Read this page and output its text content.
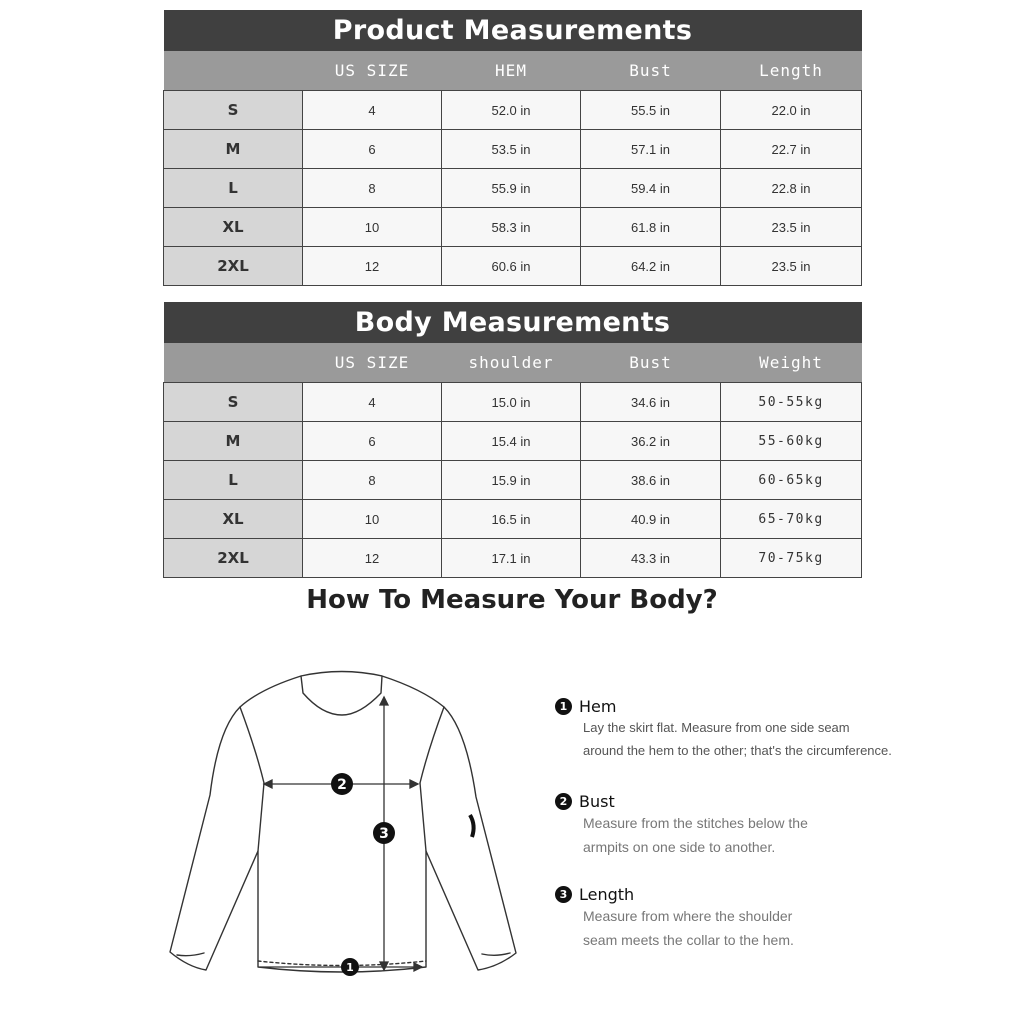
Product Measurements				
	US SIZE	HEM	Bust	Length
S	4	52.0 in	55.5 in	22.0 in
M	6	53.5 in	57.1 in	22.7 in
L	8	55.9 in	59.4 in	22.8 in
XL	10	58.3 in	61.8 in	23.5 in
2XL	12	60.6 in	64.2 in	23.5 in
Body Measurements				
	US SIZE	shoulder	Bust	Weight
S	4	15.0 in	34.6 in	50-55kg
M	6	15.4 in	36.2 in	55-60kg
L	8	15.9 in	38.6 in	60-65kg
XL	10	16.5 in	40.9 in	65-70kg
2XL	12	17.1 in	43.3 in	70-75kg
How To Measure Your Body?
2
3
1
1 Hem
Lay the skirt flat. Measure from one side seam
around the hem to the other; that's the circumference.
2 Bust
Measure from the stitches below the
armpits on one side to another.
3 Length
Measure from where the shoulder
seam meets the collar to the hem.
